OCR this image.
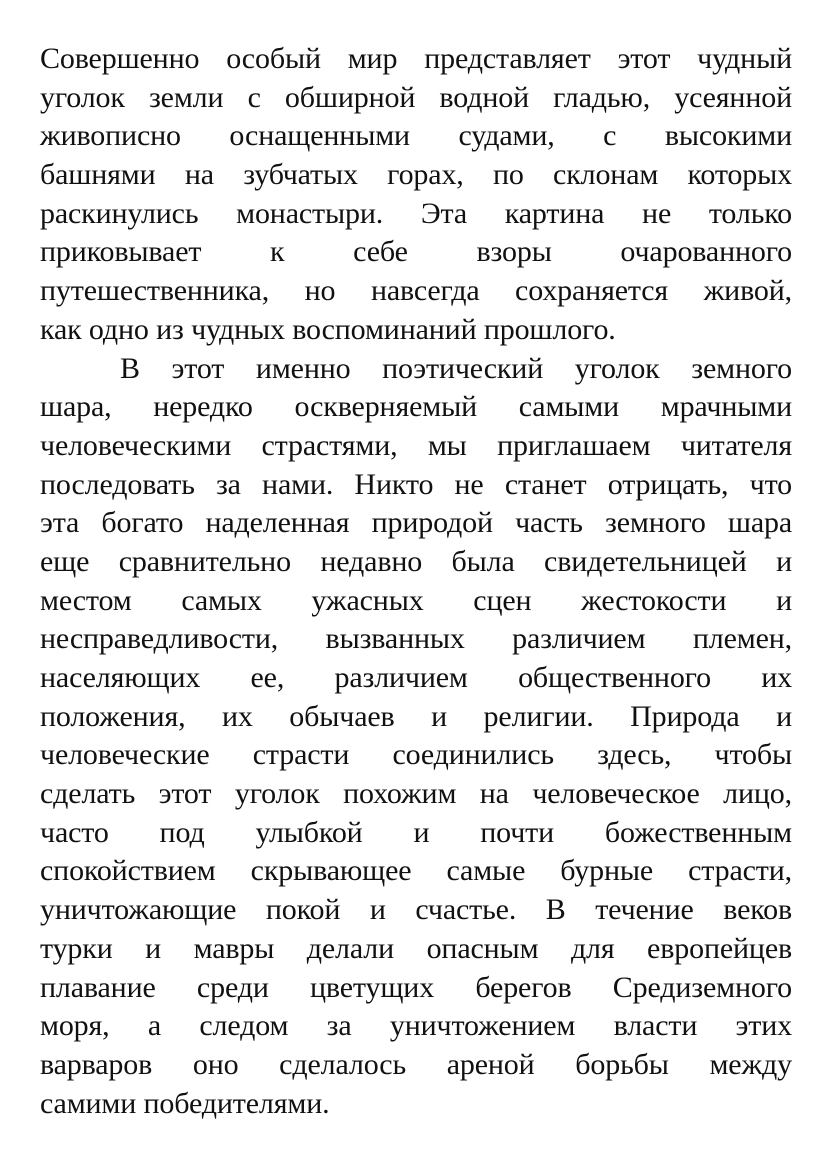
Совершенно особый мир представляет этот чудный
уголок земли с обширной водной гладью, усеянной
живописно оснащенными судами, с высокими
башнями на зубчатых горах, по склонам которых
раскинулись монастыри. Эта картина не только
приковывает к себе взоры очарованного
путешественника, но навсегда сохраняется живой,
как одно из чудных воспоминаний прошлого.
В этот именно поэтический уголок земного
шара, нередко оскверняемый самыми мрачными
человеческими страстями, мы приглашаем читателя
последовать за нами. Никто не станет отрицать, что
эта богато наделенная природой часть земного шара
еще сравнительно недавно была свидетельницей и
местом самых ужасных сцен жестокости и
несправедливости, вызванных различием племен,
населяющих ее, различием общественного их
положения, их обычаев и религии. Природа и
человеческие страсти соединились здесь, чтобы
сделать этот уголок похожим на человеческое лицо,
часто под улыбкой и почти божественным
спокойствием скрывающее самые бурные страсти,
уничтожающие покой и счастье. В течение веков
турки и мавры делали опасным для европейцев
плавание среди цветущих берегов Средиземного
моря, а следом за уничтожением власти этих
варваров оно сделалось ареной борьбы между
самими победителями.
